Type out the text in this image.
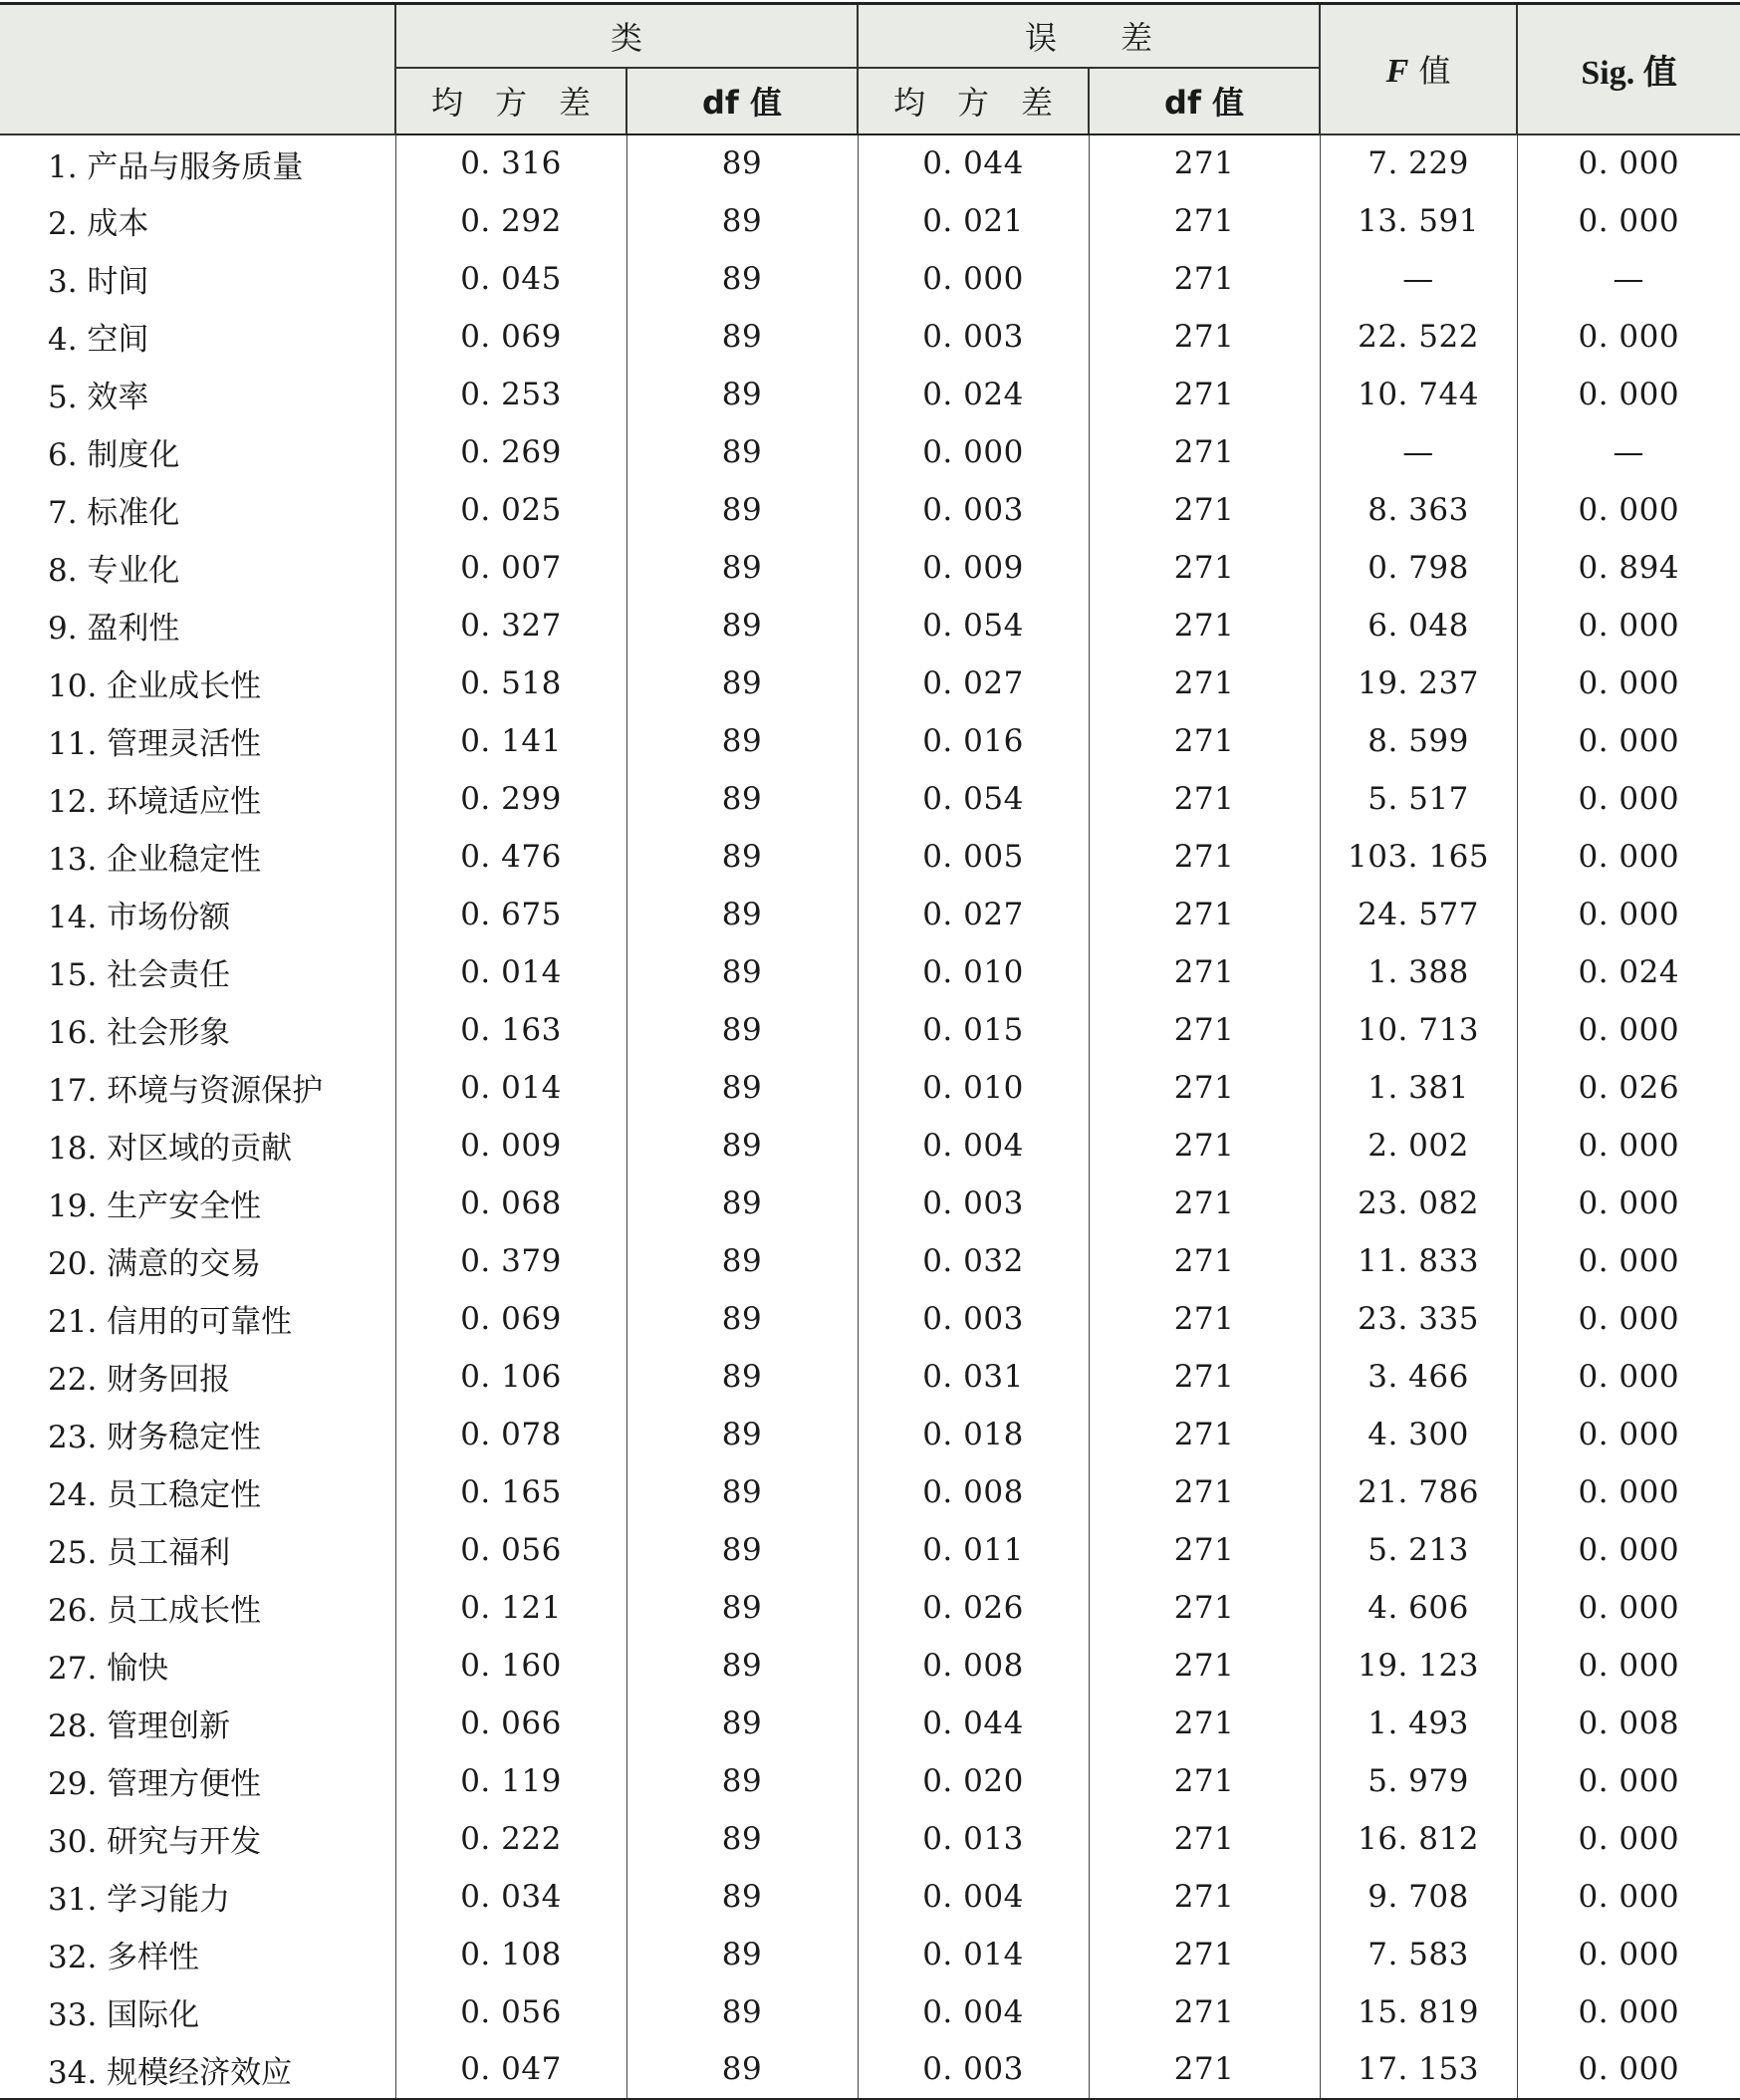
	类		误　　差		F 值	Sig. 值
	均　方　差	df 值	均　方　差	df 值		
1. 产品与服务质量	0. 316	89	0. 044	271	7. 229	0. 000
2. 成本	0. 292	89	0. 021	271	13. 591	0. 000
3. 时间	0. 045	89	0. 000	271	—	—
4. 空间	0. 069	89	0. 003	271	22. 522	0. 000
5. 效率	0. 253	89	0. 024	271	10. 744	0. 000
6. 制度化	0. 269	89	0. 000	271	—	—
7. 标准化	0. 025	89	0. 003	271	8. 363	0. 000
8. 专业化	0. 007	89	0. 009	271	0. 798	0. 894
9. 盈利性	0. 327	89	0. 054	271	6. 048	0. 000
10. 企业成长性	0. 518	89	0. 027	271	19. 237	0. 000
11. 管理灵活性	0. 141	89	0. 016	271	8. 599	0. 000
12. 环境适应性	0. 299	89	0. 054	271	5. 517	0. 000
13. 企业稳定性	0. 476	89	0. 005	271	103. 165	0. 000
14. 市场份额	0. 675	89	0. 027	271	24. 577	0. 000
15. 社会责任	0. 014	89	0. 010	271	1. 388	0. 024
16. 社会形象	0. 163	89	0. 015	271	10. 713	0. 000
17. 环境与资源保护	0. 014	89	0. 010	271	1. 381	0. 026
18. 对区域的贡献	0. 009	89	0. 004	271	2. 002	0. 000
19. 生产安全性	0. 068	89	0. 003	271	23. 082	0. 000
20. 满意的交易	0. 379	89	0. 032	271	11. 833	0. 000
21. 信用的可靠性	0. 069	89	0. 003	271	23. 335	0. 000
22. 财务回报	0. 106	89	0. 031	271	3. 466	0. 000
23. 财务稳定性	0. 078	89	0. 018	271	4. 300	0. 000
24. 员工稳定性	0. 165	89	0. 008	271	21. 786	0. 000
25. 员工福利	0. 056	89	0. 011	271	5. 213	0. 000
26. 员工成长性	0. 121	89	0. 026	271	4. 606	0. 000
27. 愉快	0. 160	89	0. 008	271	19. 123	0. 000
28. 管理创新	0. 066	89	0. 044	271	1. 493	0. 008
29. 管理方便性	0. 119	89	0. 020	271	5. 979	0. 000
30. 研究与开发	0. 222	89	0. 013	271	16. 812	0. 000
31. 学习能力	0. 034	89	0. 004	271	9. 708	0. 000
32. 多样性	0. 108	89	0. 014	271	7. 583	0. 000
33. 国际化	0. 056	89	0. 004	271	15. 819	0. 000
34. 规模经济效应	0. 047	89	0. 003	271	17. 153	0. 000
